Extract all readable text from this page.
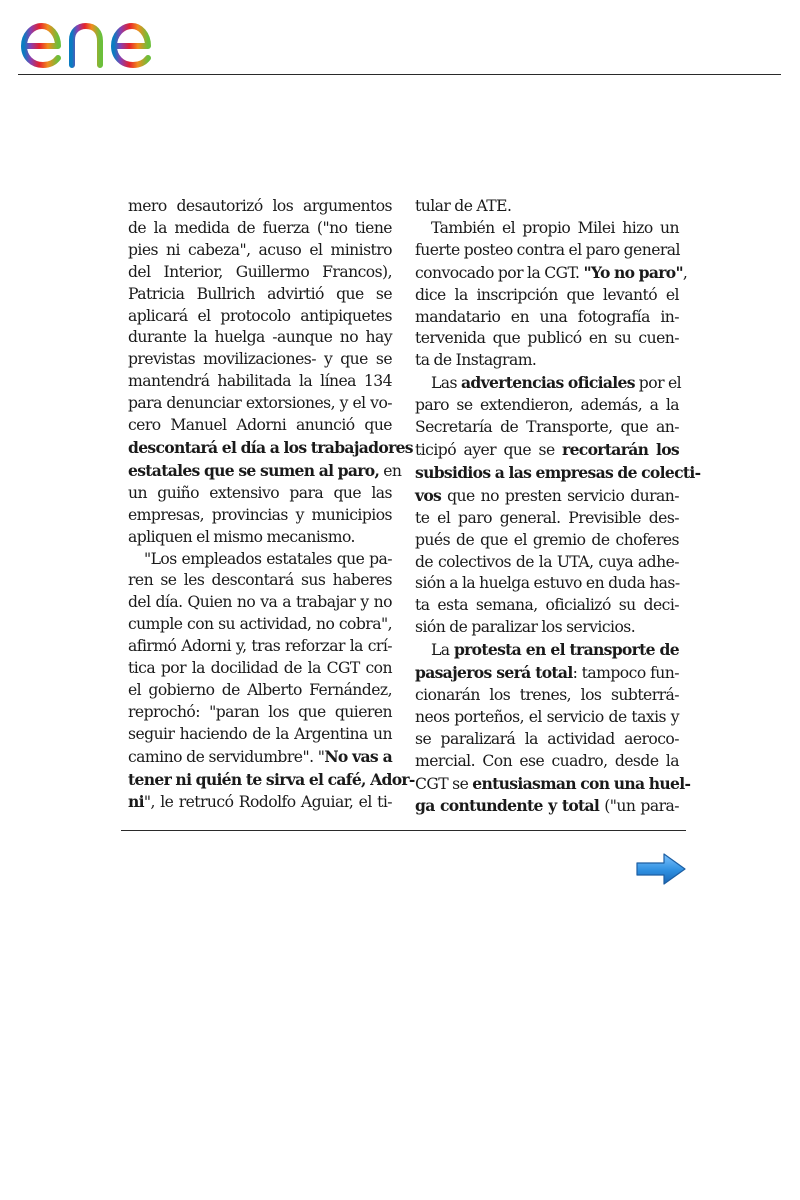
mero desautorizó los argumentos
de la medida de fuerza ("no tiene
pies ni cabeza", acuso el ministro
del Interior, Guillermo Francos),
Patricia Bullrich advirtió que se
aplicará el protocolo antipiquetes
durante la huelga -aunque no hay
previstas movilizaciones- y que se
mantendrá habilitada la línea 134
para denunciar extorsiones, y el vo-
cero Manuel Adorni anunció que
descontará el día a los trabajadores
estatales que se sumen al paro, en
un guiño extensivo para que las
empresas, provincias y municipios
apliquen el mismo mecanismo.
"Los empleados estatales que pa-
ren se les descontará sus haberes
del día. Quien no va a trabajar y no
cumple con su actividad, no cobra",
afirmó Adorni y, tras reforzar la crí-
tica por la docilidad de la CGT con
el gobierno de Alberto Fernández,
reprochó: "paran los que quieren
seguir haciendo de la Argentina un
camino de servidumbre". "No vas a
tener ni quién te sirva el café, Ador-
ni", le retrucó Rodolfo Aguiar, el ti-
tular de ATE.
También el propio Milei hizo un
fuerte posteo contra el paro general
convocado por la CGT. "Yo no paro",
dice la inscripción que levantó el
mandatario en una fotografía in-
tervenida que publicó en su cuen-
ta de Instagram.
Las advertencias oficiales por el
paro se extendieron, además, a la
Secretaría de Transporte, que an-
ticipó ayer que se recortarán los
subsidios a las empresas de colecti-
vos que no presten servicio duran-
te el paro general. Previsible des-
pués de que el gremio de choferes
de colectivos de la UTA, cuya adhe-
sión a la huelga estuvo en duda has-
ta esta semana, oficializó su deci-
sión de paralizar los servicios.
La protesta en el transporte de
pasajeros será total: tampoco fun-
cionarán los trenes, los subterrá-
neos porteños, el servicio de taxis y
se paralizará la actividad aeroco-
mercial. Con ese cuadro, desde la
CGT se entusiasman con una huel-
ga contundente y total ("un para-
